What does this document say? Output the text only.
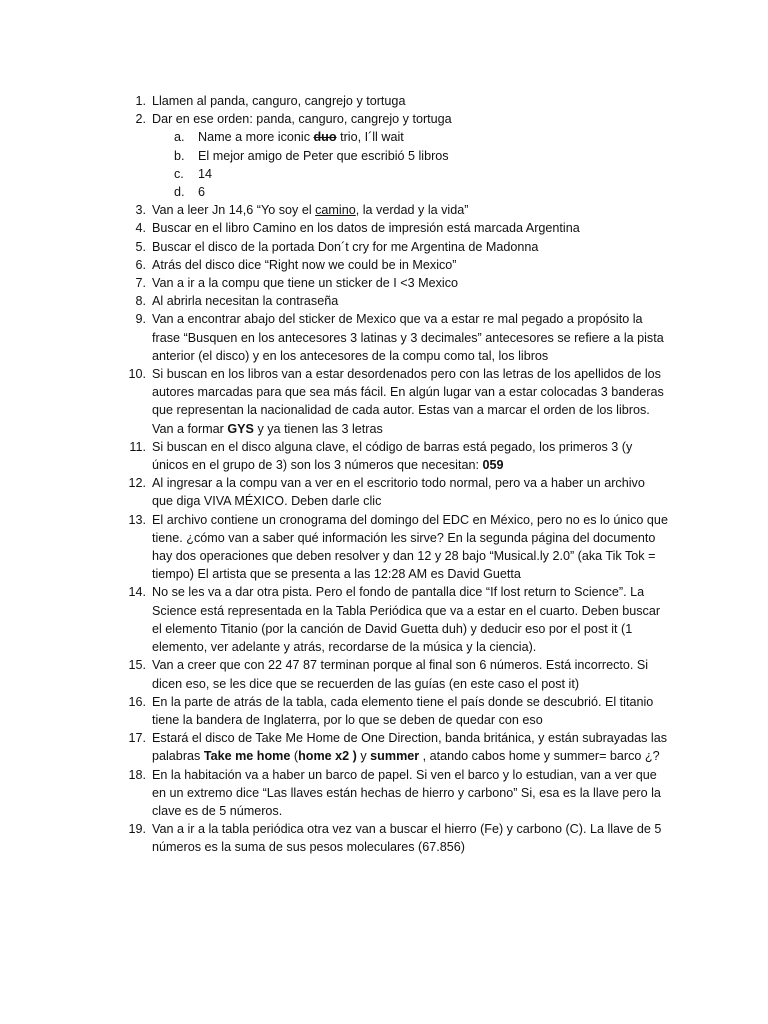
1. Llamen al panda, canguro, cangrejo y tortuga
2. Dar en ese orden: panda, canguro, cangrejo y tortuga
a. Name a more iconic duo trio, I´ll wait
b. El mejor amigo de Peter que escribió 5 libros
c. 14
d. 6
3. Van a leer Jn 14,6 “Yo soy el camino, la verdad y la vida”
4. Buscar en el libro Camino en los datos de impresión está marcada Argentina
5. Buscar el disco de la portada Don´t cry for me Argentina de Madonna
6. Atrás del disco dice “Right now we could be in Mexico”
7. Van a ir a la compu que tiene un sticker de I <3 Mexico
8. Al abrirla necesitan la contraseña
9. Van a encontrar abajo del sticker de Mexico que va a estar re mal pegado a propósito la frase “Busquen en los antecesores 3 latinas y 3 decimales” antecesores se refiere a la pista anterior (el disco) y en los antecesores de la compu como tal, los libros
10. Si buscan en los libros van a estar desordenados pero con las letras de los apellidos de los autores marcadas para que sea más fácil. En algún lugar van a estar colocadas 3 banderas que representan la nacionalidad de cada autor. Estas van a marcar el orden de los libros. Van a formar GYS y ya tienen las 3 letras
11. Si buscan en el disco alguna clave, el código de barras está pegado, los primeros 3 (y únicos en el grupo de 3) son los 3 números que necesitan: 059
12. Al ingresar a la compu van a ver en el escritorio todo normal, pero va a haber un archivo que diga VIVA MÉXICO. Deben darle clic
13. El archivo contiene un cronograma del domingo del EDC en México, pero no es lo único que tiene. ¿cómo van a saber qué información les sirve? En la segunda página del documento hay dos operaciones que deben resolver y dan 12 y 28 bajo “Musical.ly 2.0” (aka Tik Tok = tiempo) El artista que se presenta a las 12:28 AM es David Guetta
14. No se les va a dar otra pista. Pero el fondo de pantalla dice “If lost return to Science”. La Science está representada en la Tabla Periódica que va a estar en el cuarto. Deben buscar el elemento Titanio (por la canción de David Guetta duh) y deducir eso por el post it (1 elemento, ver adelante y atrás, recordarse de la música y la ciencia).
15. Van a creer que con 22 47 87 terminan porque al final son 6 números. Está incorrecto. Si dicen eso, se les dice que se recuerden de las guías (en este caso el post it)
16. En la parte de atrás de la tabla, cada elemento tiene el país donde se descubrió. El titanio tiene la bandera de Inglaterra, por lo que se deben de quedar con eso
17. Estará el disco de Take Me Home de One Direction, banda británica, y están subrayadas las palabras Take me home (home x2 ) y summer , atando cabos home y summer= barco ¿?
18. En la habitación va a haber un barco de papel. Si ven el barco y lo estudian, van a ver que en un extremo dice “Las llaves están hechas de hierro y carbono” Si, esa es la llave pero la clave es de 5 números.
19. Van a ir a la tabla periódica otra vez van a buscar el hierro (Fe) y carbono (C). La llave de 5 números es la suma de sus pesos moleculares (67.856)
